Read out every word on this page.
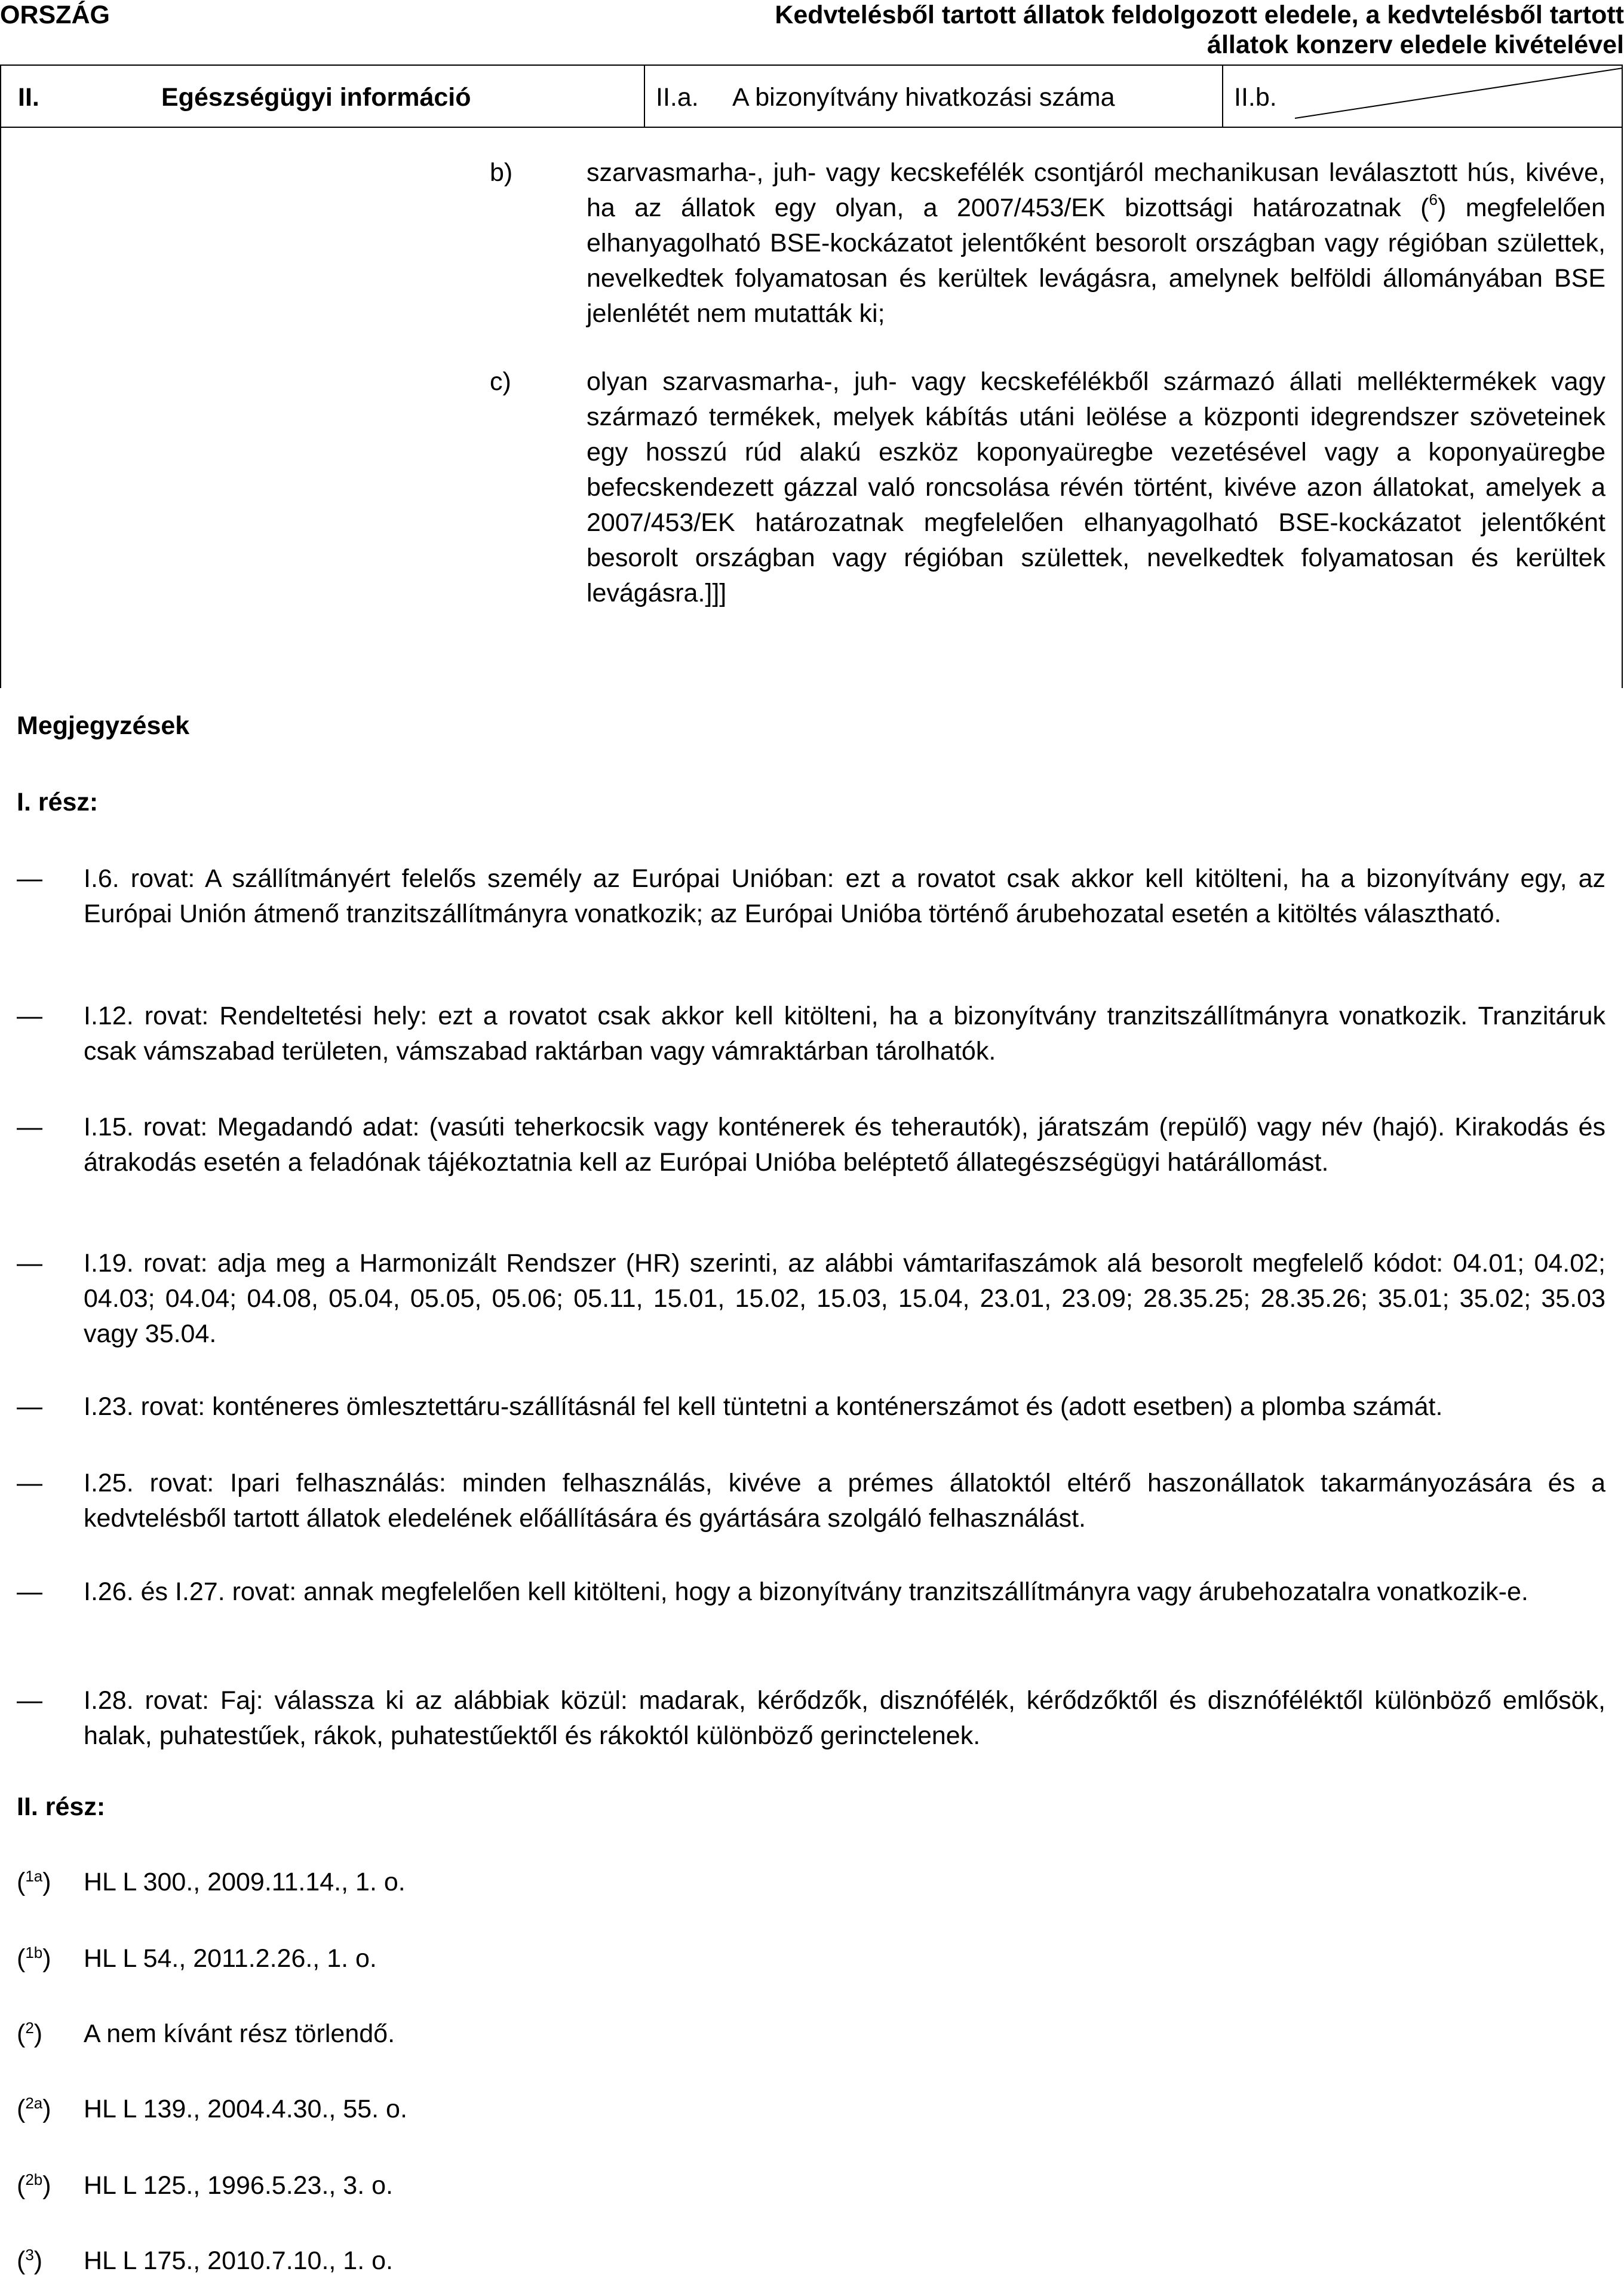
ORSZÁG	Kedvtelésből tartott állatok feldolgozott eledele, a kedvtelésből tartott állatok konzerv eledele kivételével
II.	Egészségügyi információ	II.a. A bizonyítvány hivatkozási száma	II.b.
b)	szarvasmarha-, juh- vagy kecskefélék csontjáról mechanikusan leválasztott hús, kivéve, ha az állatok egy olyan, a 2007/453/EK bizottsági határozatnak ($^6$) megfelelően elhanyagolható BSE-kockázatot jelentőként besorolt országban vagy régióban születtek, nevelkedtek folyamatosan és kerültek levágásra, amelynek belföldi állományában BSE jelenlétét nem mutatták ki;
c)	olyan szarvasmarha-, juh- vagy kecskefélékből származó állati melléktermékek vagy származó termékek, melyek kábítás utáni leölése a központi idegrendszer szöveteinek egy hosszú rúd alakú eszköz koponyaüregbe vezetésével vagy a koponyaüregbe befecskendezett gázzal való roncsolása révén történt, kivéve azon állatokat, amelyek a 2007/453/EK határozatnak megfelelően elhanyagolható BSE-kockázatot jelentőként besorolt országban vagy régióban születtek, nevelkedtek folyamatosan és kerültek levágásra.]]]
Megjegyzések
I. rész:
— I.6. rovat: A szállítmányért felelős személy az Európai Unióban: ezt a rovatot csak akkor kell kitölteni, ha a bizonyítvány egy, az Európai Unión átmenő tranzitszállítmányra vonatkozik; az Európai Unióba történő árubehozatal esetén a kitöltés választható.
— I.12. rovat: Rendeltetési hely: ezt a rovatot csak akkor kell kitölteni, ha a bizonyítvány tranzitszállítmányra vonatkozik. Tranzitáruk csak vámszabad területen, vámszabad raktárban vagy vámraktárban tárolhatók.
— I.15. rovat: Megadandó adat: (vasúti teherkocsik vagy konténerek és teherautók), járatszám (repülő) vagy név (hajó). Kirakodás és átrakodás esetén a feladónak tájékoztatnia kell az Európai Unióba beléptető állategészségügyi határállomást.
— I.19. rovat: adja meg a Harmonizált Rendszer (HR) szerinti, az alábbi vámtarifaszámok alá besorolt megfelelő kódot: 04.01; 04.02; 04.03; 04.04; 04.08, 05.04, 05.05, 05.06; 05.11, 15.01, 15.02, 15.03, 15.04, 23.01, 23.09; 28.35.25; 28.35.26; 35.01; 35.02; 35.03 vagy 35.04.
— I.23. rovat: konténeres ömlesztettáru-szállításnál fel kell tüntetni a konténerszámot és (adott esetben) a plomba számát.
— I.25. rovat: Ipari felhasználás: minden felhasználás, kivéve a prémes állatoktól eltérő haszonállatok takarmányozására és a kedvtelésből tartott állatok eledelének előállítására és gyártására szolgáló felhasználást.
— I.26. és I.27. rovat: annak megfelelően kell kitölteni, hogy a bizonyítvány tranzitszállítmányra vagy árubehozatalra vonatkozik-e.
— I.28. rovat: Faj: válassza ki az alábbiak közül: madarak, kérődzők, disznófélék, kérődzőktől és disznóféléktől különböző emlősök, halak, puhatestűek, rákok, puhatestűektől és rákoktól különböző gerinctelenek.
II. rész:
($^{1a}$) HL L 300., 2009.11.14., 1. o.
($^{1b}$) HL L 54., 2011.2.26., 1. o.
($^2$) A nem kívánt rész törlendő.
($^{2a}$) HL L 139., 2004.4.30., 55. o.
($^{2b}$) HL L 125., 1996.5.23., 3. o.
($^3$) HL L 175., 2010.7.10., 1. o.
